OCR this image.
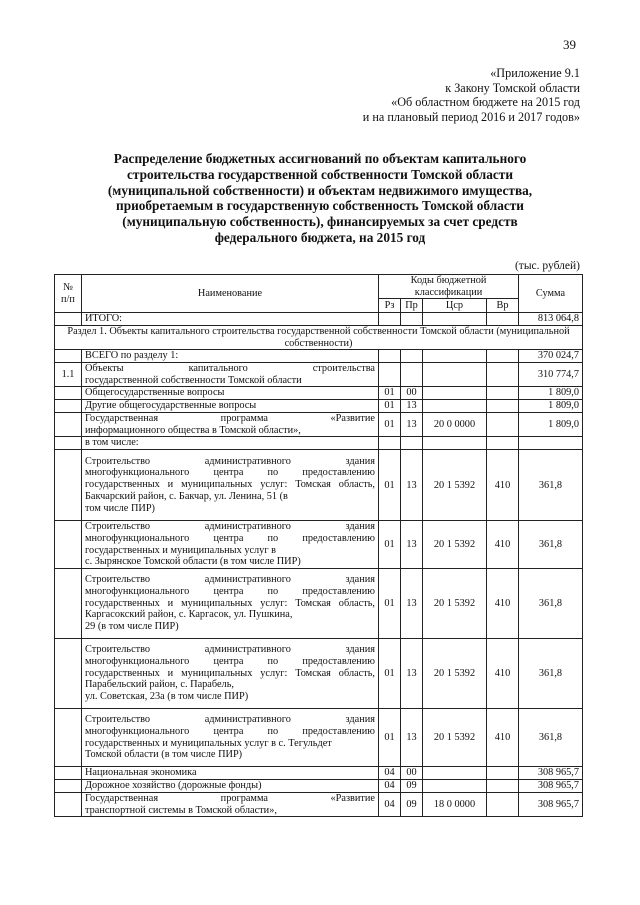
39
«Приложение 9.1
к Закону Томской области
«Об областном бюджете на 2015 год
и на плановый период 2016 и 2017 годов»
Распределение бюджетных ассигнований по объектам капитального
строительства государственной собственности Томской области
(муниципальной собственности) и объектам недвижимого имущества,
приобретаемым в государственную собственность Томской области
(муниципальную собственность), финансируемых за счет средств
федерального бюджета, на 2015 год
(тыс. рублей)
№ п/п	Наименование	Коды бюджетной классификации				Сумма
		Рз	Пр	Цср	Вр	
	ИТОГО:					813 064,8
Раздел 1. Объекты капитального строительства государственной собственности Томской области (муниципальной собственности)						
	ВСЕГО по разделу 1:					370 024,7
1.1	Объекты капитального строительства
государственной собственности Томской области					310 774,7
	Общегосударственные вопросы	01	00			1 809,0
	Другие общегосударственные вопросы	01	13			1 809,0

	Государственная программа «Развитие
информационного общества в Томской области»,	01	13	20 0 0000		1 809,0
	в том числе:					
	Строительство административного здания многофункционального центра по предоставлению государственных и муниципальных услуг: Томская область, Бакчарский район, с. Бакчар, ул. Ленина, 51 (в
том числе ПИР)	01	13	20 1 5392	410	361,8
	Строительство административного здания многофункционального центра по предоставлению государственных и муниципальных услуг в
с. Зырянское Томской области (в том числе ПИР)	01	13	20 1 5392	410	361,8
	Строительство административного здания многофункционального центра по предоставлению государственных и муниципальных услуг: Томская область, Каргасокский район, с. Каргасок, ул. Пушкина,
29 (в том числе ПИР)	01	13	20 1 5392	410	361,8
	Строительство административного здания многофункционального центра по предоставлению государственных и муниципальных услуг: Томская область, Парабельский район, с. Парабель,
ул. Советская, 23а (в том числе ПИР)	01	13	20 1 5392	410	361,8
	Строительство административного здания многофункционального центра по предоставлению государственных и муниципальных услуг в с. Тегульдет
Томской области (в том числе ПИР)	01	13	20 1 5392	410	361,8
	Национальная экономика	04	00			308 965,7
	Дорожное хозяйство (дорожные фонды)	04	09			308 965,7

	Государственная программа «Развитие
транспортной системы в Томской области»,	04	09	18 0 0000		308 965,7
